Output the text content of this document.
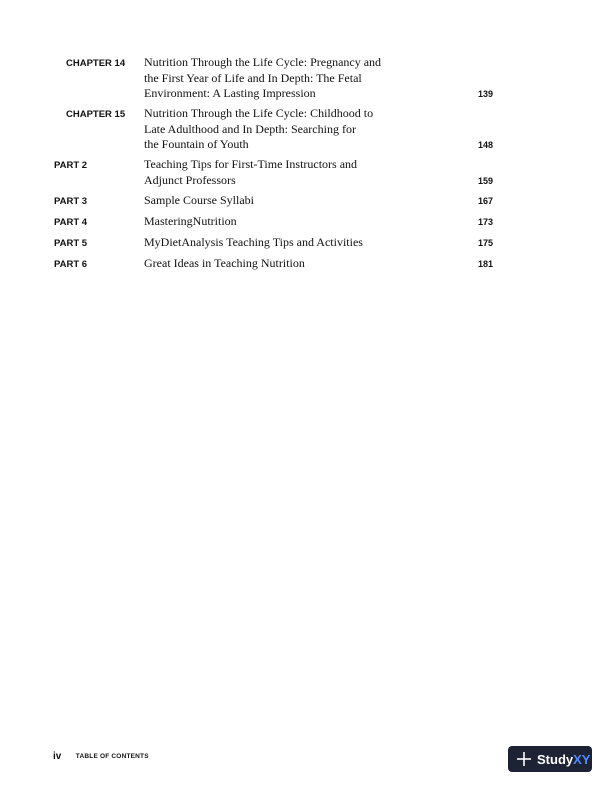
CHAPTER 14 Nutrition Through the Life Cycle: Pregnancy and
the First Year of Life and In Depth: The Fetal
Environment: A Lasting Impression	139
CHAPTER 15 Nutrition Through the Life Cycle: Childhood to
Late Adulthood and In Depth: Searching for
the Fountain of Youth	148
PART 2	Teaching Tips for First-Time Instructors and
Adjunct Professors	159
PART 3	Sample Course Syllabi	167
PART 4	MasteringNutrition	173
PART 5	MyDietAnalysis Teaching Tips and Activities	175
PART 6	Great Ideas in Teaching Nutrition	181
iv TABLE OF CONTENTS	StudyXY
